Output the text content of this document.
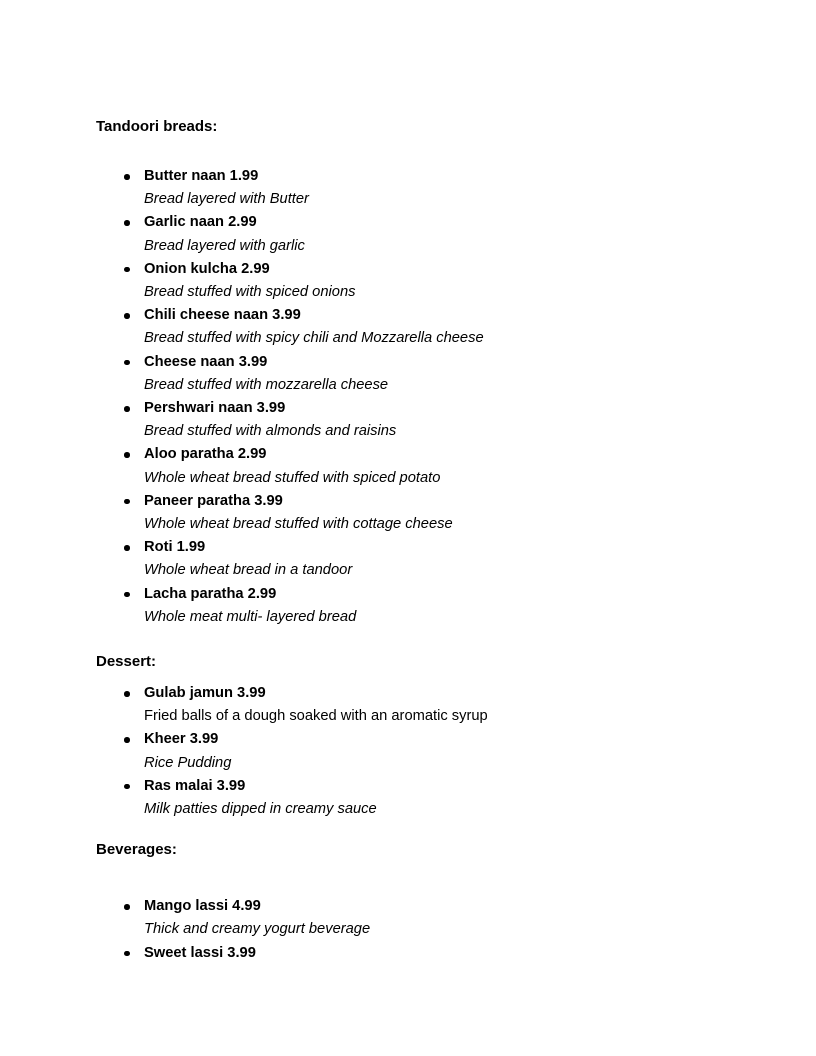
Tandoori breads:
Butter naan 1.99
Bread layered with Butter
Garlic naan 2.99
Bread layered with garlic
Onion kulcha 2.99
Bread stuffed with spiced onions
Chili cheese naan 3.99
Bread stuffed with spicy chili and Mozzarella cheese
Cheese naan 3.99
Bread stuffed with mozzarella cheese
Pershwari naan 3.99
Bread stuffed with almonds and raisins
Aloo paratha 2.99
Whole wheat bread stuffed with spiced potato
Paneer paratha 3.99
Whole wheat bread stuffed with cottage cheese
Roti 1.99
Whole wheat bread in a tandoor
Lacha paratha 2.99
Whole meat multi- layered bread
Dessert:
Gulab jamun 3.99
Fried balls of a dough soaked with an aromatic syrup
Kheer 3.99
Rice Pudding
Ras malai 3.99
Milk patties dipped in creamy sauce
Beverages:
Mango lassi 4.99
Thick and creamy yogurt beverage
Sweet lassi 3.99
